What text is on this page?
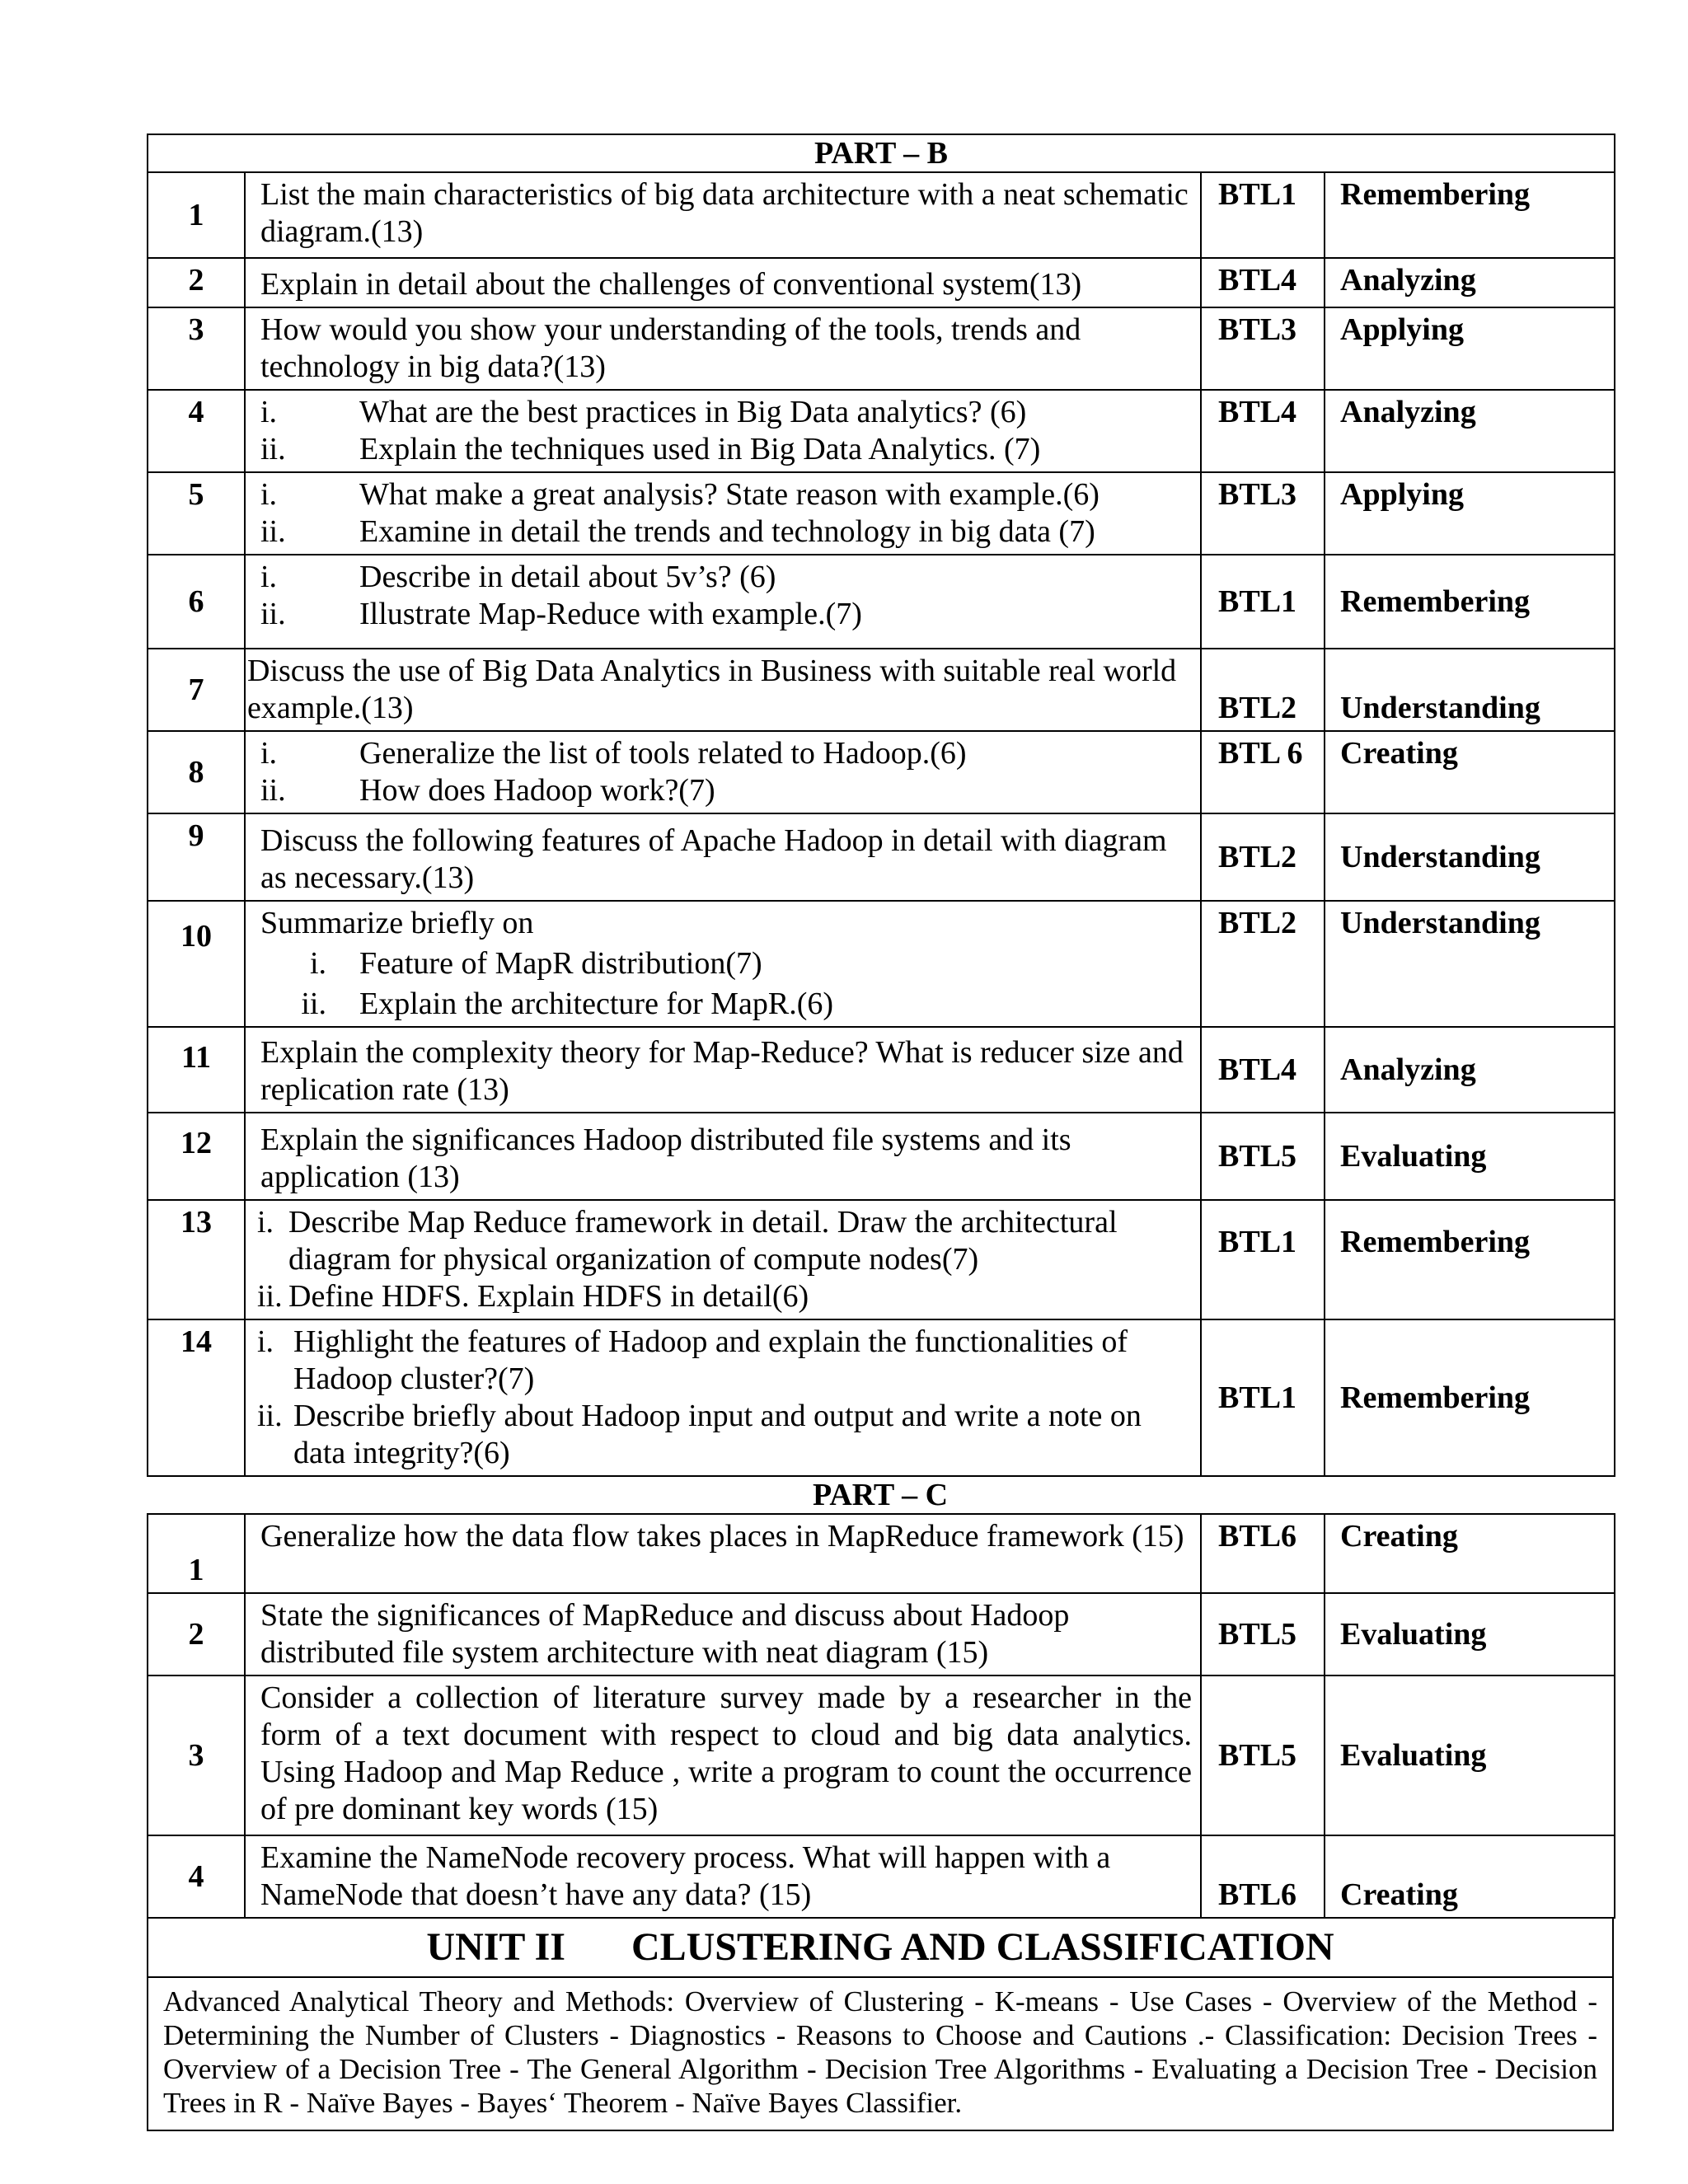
PART – B			

1	List the main characteristics of big data architecture with a neat schematic diagram.(13)	BTL1	Remembering
2	Explain in detail about the challenges of conventional system(13)	BTL4	Analyzing
3	How would you show your understanding of the tools, trends and technology in big data?(13)	BTL3	Applying
4	i. What are the best practices in Big Data analytics? (6)
ii. Explain the techniques used in Big Data Analytics. (7)	BTL4	Analyzing
5	i. What make a great analysis? State reason with example.(6)
ii. Examine in detail the trends and technology in big data (7)	BTL3	Applying
6	i. Describe in detail about 5v’s? (6)
ii. Illustrate Map-Reduce with example.(7)	BTL1	Remembering
7	Discuss the use of Big Data Analytics in Business with suitable real world example.(13)	BTL2	Understanding
8	i. Generalize the list of tools related to Hadoop.(6)
ii. How does Hadoop work?(7)	BTL 6	Creating
9	Discuss the following features of Apache Hadoop in detail with diagram as necessary.(13)	BTL2	Understanding
10	Summarize briefly on
i. Feature of MapR distribution(7)
ii. Explain the architecture for MapR.(6)	BTL2	Understanding
11	Explain the complexity theory for Map-Reduce? What is reducer size and replication rate (13)	BTL4	Analyzing
12	Explain the significances Hadoop distributed file systems and its application (13)	BTL5	Evaluating
13	i. Describe Map Reduce framework in detail. Draw the architectural diagram for physical organization of compute nodes(7)
ii. Define HDFS. Explain HDFS in detail(6)	BTL1	Remembering
14	i. Highlight the features of Hadoop and explain the functionalities of Hadoop cluster?(7)
ii. Describe briefly about Hadoop input and output and write a note on data integrity?(6)	BTL1	Remembering
PART – C
1	Generalize how the data flow takes places in MapReduce framework (15)	BTL6	Creating
2	State the significances of MapReduce and discuss about Hadoop distributed file system architecture with neat diagram (15)	BTL5	Evaluating
3	Consider a collection of literature survey made by a researcher in the form of a text document with respect to cloud and big data analytics. Using Hadoop and Map Reduce , write a program to count the occurrence of pre dominant key words (15)	BTL5	Evaluating
4	Examine the NameNode recovery process. What will happen with a NameNode that doesn’t have any data? (15)	BTL6	Creating
UNIT II CLUSTERING AND CLASSIFICATION
Advanced Analytical Theory and Methods: Overview of Clustering - K-means - Use Cases - Overview of the Method - Determining the Number of Clusters - Diagnostics - Reasons to Choose and Cautions .- Classification: Decision Trees - Overview of a Decision Tree - The General Algorithm - Decision Tree Algorithms - Evaluating a Decision Tree - Decision Trees in R - Naïve Bayes - Bayes‘ Theorem - Naïve Bayes Classifier.
